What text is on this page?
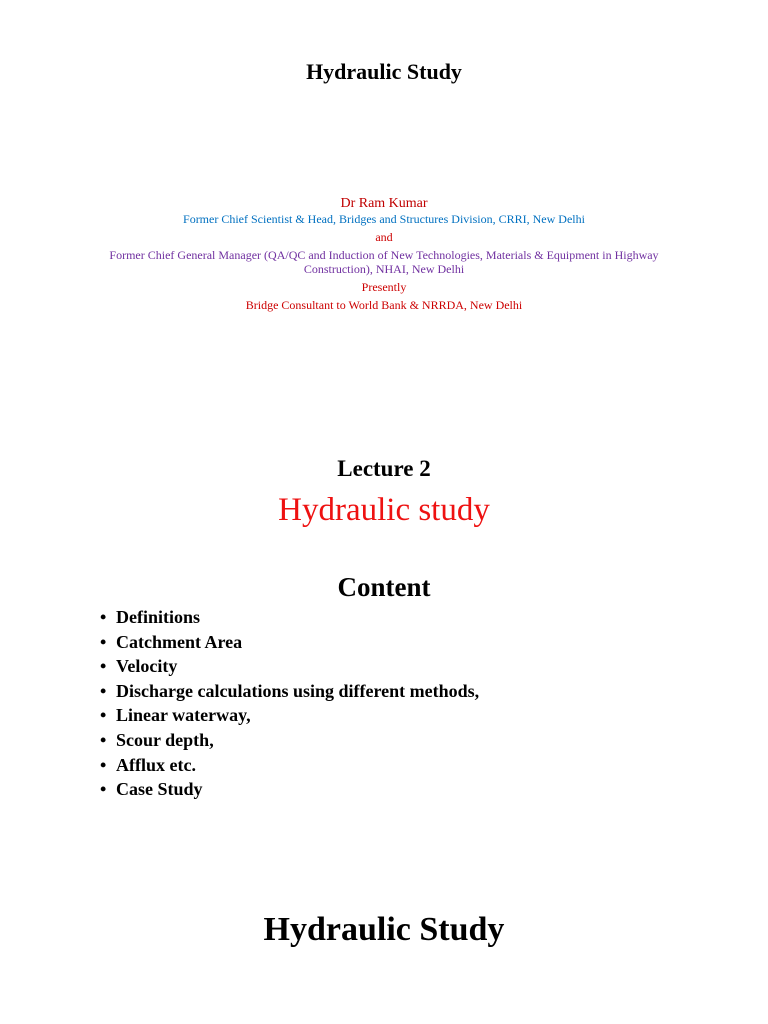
Hydraulic Study
Dr Ram Kumar
Former Chief Scientist & Head, Bridges and Structures Division, CRRI, New Delhi
and
Former Chief General Manager (QA/QC and Induction of New Technologies, Materials & Equipment in Highway Construction), NHAI, New Delhi
Presently
Bridge Consultant to World Bank & NRRDA, New Delhi
Lecture 2
Hydraulic study
Content
• Definitions
• Catchment Area
• Velocity
• Discharge calculations using different methods,
• Linear waterway,
• Scour depth,
• Afflux etc.
• Case Study
Hydraulic Study
